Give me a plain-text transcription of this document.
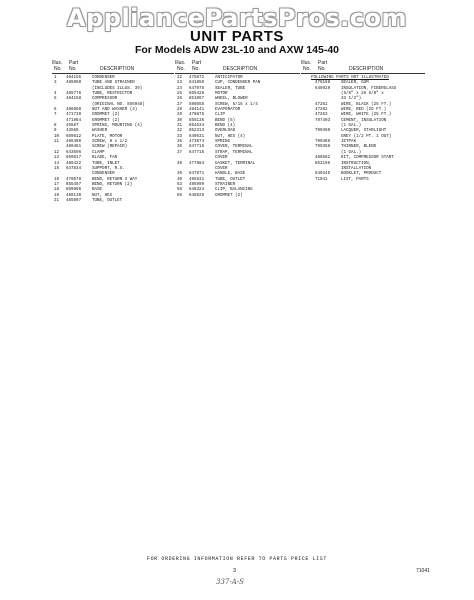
AppliancePartsPros.com
UNIT PARTS
For Models ADW 23L-10 and AXW 145-40
Illus.
No.
Part
No.	DESCRIPTION
1 484155	CONDENSER

3 485950	TUBE AND STRAINER

(INCLUDES ILLUS. 39)

4 485776	TUBE, RESTRICTOR

5 484158	COMPRESSOR

(ORIGINAL NO. 856948)

6 486868	NUT AND WASHER (4)

7 471739	GROMMET (2)

471984	GROMMET (2)

8 45567	SPRING, MOUNTING (4)

9 43569	WASHER

10 669812	PLATE, MOTOR

11 486480	SCREW, 8 x 1/2

489481	SCREW (REPAIR)

12 643696	CLAMP

13 669617	BLADE, FAN

14 486422	TUBE, INLET

15 647834	SUPPORT, R.S.

CONDENSER

16 476078	BEND, RETURN 3 WAY

17 855497	BEND, RETURN (2)

18 869896	BASE

19 489130	NUT, HEX

21 485897	TUBE, OUTLET

Illus.
No.
Part
No.	DESCRIPTION
22 475872	ANTICIPATOR

23 641859	CUP, CONDENSER PAN

24 647975	SEALER, TUBE

25 855426	MOTOR

26 851067	WHEEL, BLOWER

27 599655	SCREW, 5/16 x 1/4

28 484141	EVAPORATOR

29 478875	CLIP

30 855136	BEND (5)

31 854634	BEND (4)

32 852313	OVERLOAD

33 649631	NUT, HEX (4)

35 473874	SPRING

36 647715	COVER, TERMINAL

37 647715	STRAP, TERMINAL

COVER

38 477884	GASKET, TERMINAL

COVER

39 647971	HANDLE, BASE

40 485631	TUBE, OUTLET

53 495999	STRAINER

55 648324	CLIP, BALANCING

56 648929	GROMMET (2)

Illus.
No.
Part
No.	DESCRIPTION
FOLLOWING PARTS NOT ILLUSTRATED
476168	SEALER, GUM

649929	INSULATION, FIBERGLASS

(5/8" x 26 5/8" x

33 1/2")

47261	WIRE, BLACK (25 FT.)

47262	WIRE, RED (25 FT.)

47263	WIRE, WHITE (25 FT.)

797403	CEMENT, INSULATION

(1 GAL.)

799360	LACQUER, STARLIGHT

GREY (1/2 PT. 1 OUT)

799486	JETPAK

799356	THINNER, BLEND

(1 GAL.)

486582	KIT, COMPRESSOR START

852196	INSTRUCTION,

INSTALLATION

649345	BOOKLET, PRODUCT

71041	LIST, PARTS

FOR ORDERING INFORMATION REFER TO PARTS PRICE LIST
3	71041
337-A-S
